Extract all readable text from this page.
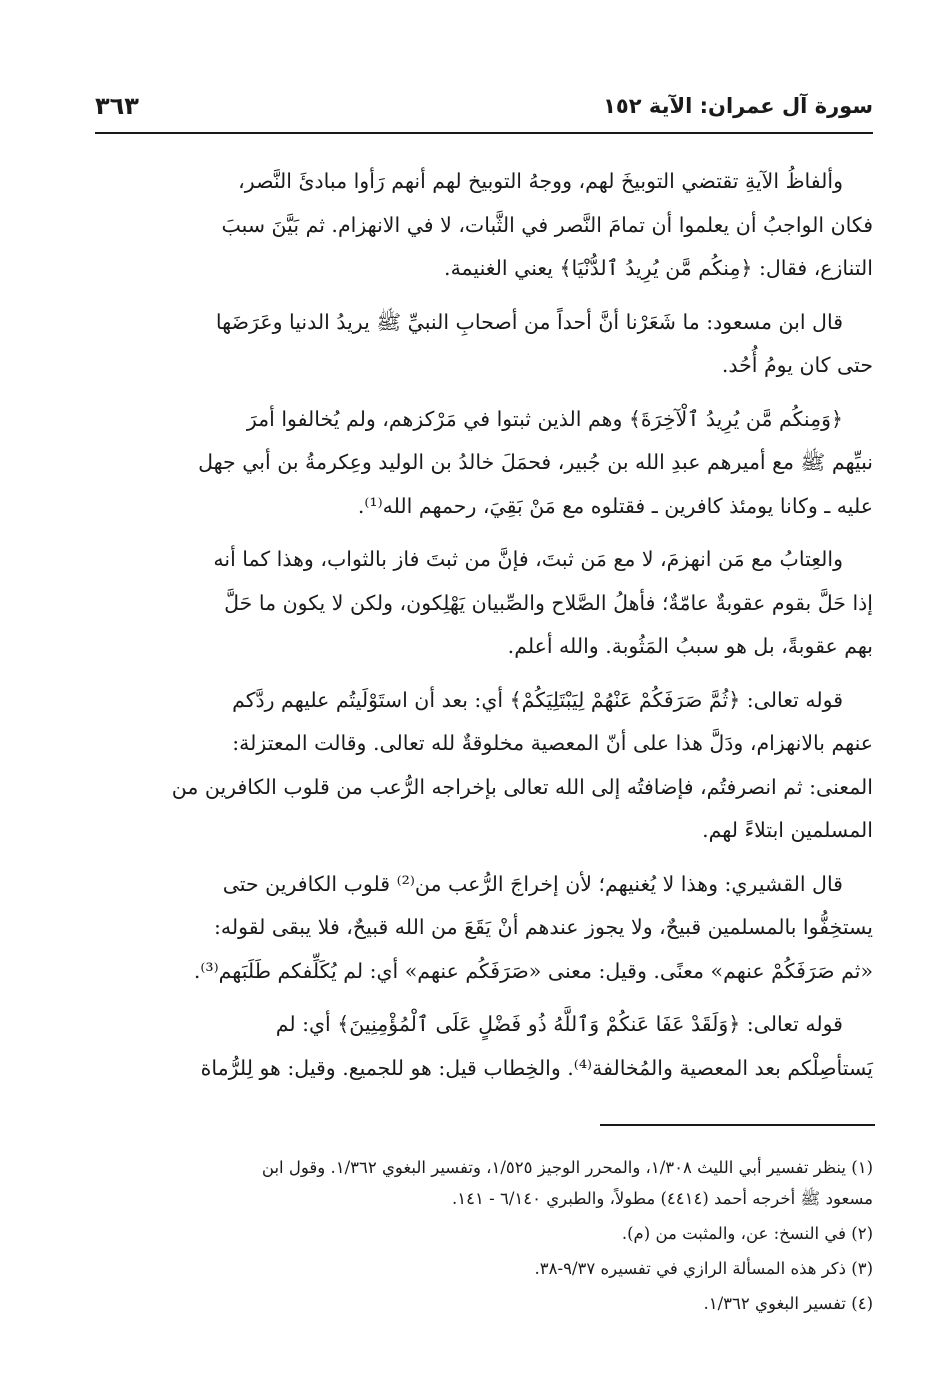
سورة آل عمران: الآية ١٥٢
٣٦٣

وألفاظُ الآيةِ تقتضي التوبيخَ لهم، ووجهُ التوبيخ لهم أنهم رَأوا مبادئَ النَّصر،
فكان الواجبُ أن يعلموا أن تمامَ النَّصر في الثَّبات، لا في الانهزام. ثم بَيَّنَ سببَ
التنازع، فقال: ﴿مِنكُم مَّن يُرِيدُ ٱلدُّنْيَا﴾ يعني الغنيمة.

قال ابن مسعود: ما شَعَرْنا أنَّ أحداً من أصحابِ النبيِّ ﷺ يريدُ الدنيا وعَرَضَها
حتى كان يومُ أُحُد.

﴿وَمِنكُم مَّن يُرِيدُ ٱلْآخِرَةَ﴾ وهم الذين ثبتوا في مَرْكزهم، ولم يُخالفوا أمرَ
نبيِّهم ﷺ مع أميرهم عبدِ الله بن جُبير، فحمَلَ خالدُ بن الوليد وعِكرمةُ بن أبي جهل
عليه ـ وكانا يومئذ كافرين ـ فقتلوه مع مَنْ بَقِيَ، رحمهم الله⁽¹⁾.

والعِتابُ مع مَن انهزمَ، لا مع مَن ثبتَ، فإنَّ من ثبتَ فاز بالثواب، وهذا كما أنه
إذا حَلَّ بقوم عقوبةٌ عامّةٌ؛ فأهلُ الصَّلاح والصِّبيان يَهْلِكون، ولكن لا يكون ما حَلَّ
بهم عقوبةً، بل هو سببُ المَثُوبة. والله أعلم.

قوله تعالى: ﴿ثُمَّ صَرَفَكُمْ عَنْهُمْ لِيَبْتَلِيَكُمْ﴾ أي: بعد أن استَوْلَيتُم عليهم ردَّكم
عنهم بالانهزام، ودَلَّ هذا على أنّ المعصية مخلوقةٌ لله تعالى. وقالت المعتزلة:
المعنى: ثم انصرفتُم، فإضافتُه إلى الله تعالى بإخراجه الرُّعب من قلوب الكافرين من
المسلمين ابتلاءً لهم.

قال القشيري: وهذا لا يُغنيهم؛ لأن إخراجَ الرُّعب من⁽²⁾ قلوب الكافرين حتى
يستخِفُّوا بالمسلمين قبيحٌ، ولا يجوز عندهم أنْ يَقَعَ من الله قبيحٌ، فلا يبقى لقوله:
«ثم صَرَفَكُمْ عنهم» معنًى. وقيل: معنى «صَرَفَكُم عنهم» أي: لم يُكَلِّفكم طَلَبَهم⁽³⁾.

قوله تعالى: ﴿وَلَقَدْ عَفَا عَنكُمْ وَٱللَّهُ ذُو فَضْلٍ عَلَى ٱلْمُؤْمِنِينَ﴾ أي: لم
يَستأصِلْكم بعد المعصية والمُخالفة⁽⁴⁾. والخِطاب قيل: هو للجميع. وقيل: هو لِلرُّماة

(١) ينظر تفسير أبي الليث ١/٣٠٨، والمحرر الوجيز ١/٥٢٥، وتفسير البغوي ١/٣٦٢. وقول ابن
مسعود ﷺ أخرجه أحمد (٤٤١٤) مطولاً، والطبري ٦/١٤٠ - ١٤١.

(٢) في النسخ: عن، والمثبت من (م).

(٣) ذكر هذه المسألة الرازي في تفسيره ٩/٣٧-٣٨.

(٤) تفسير البغوي ١/٣٦٢.
